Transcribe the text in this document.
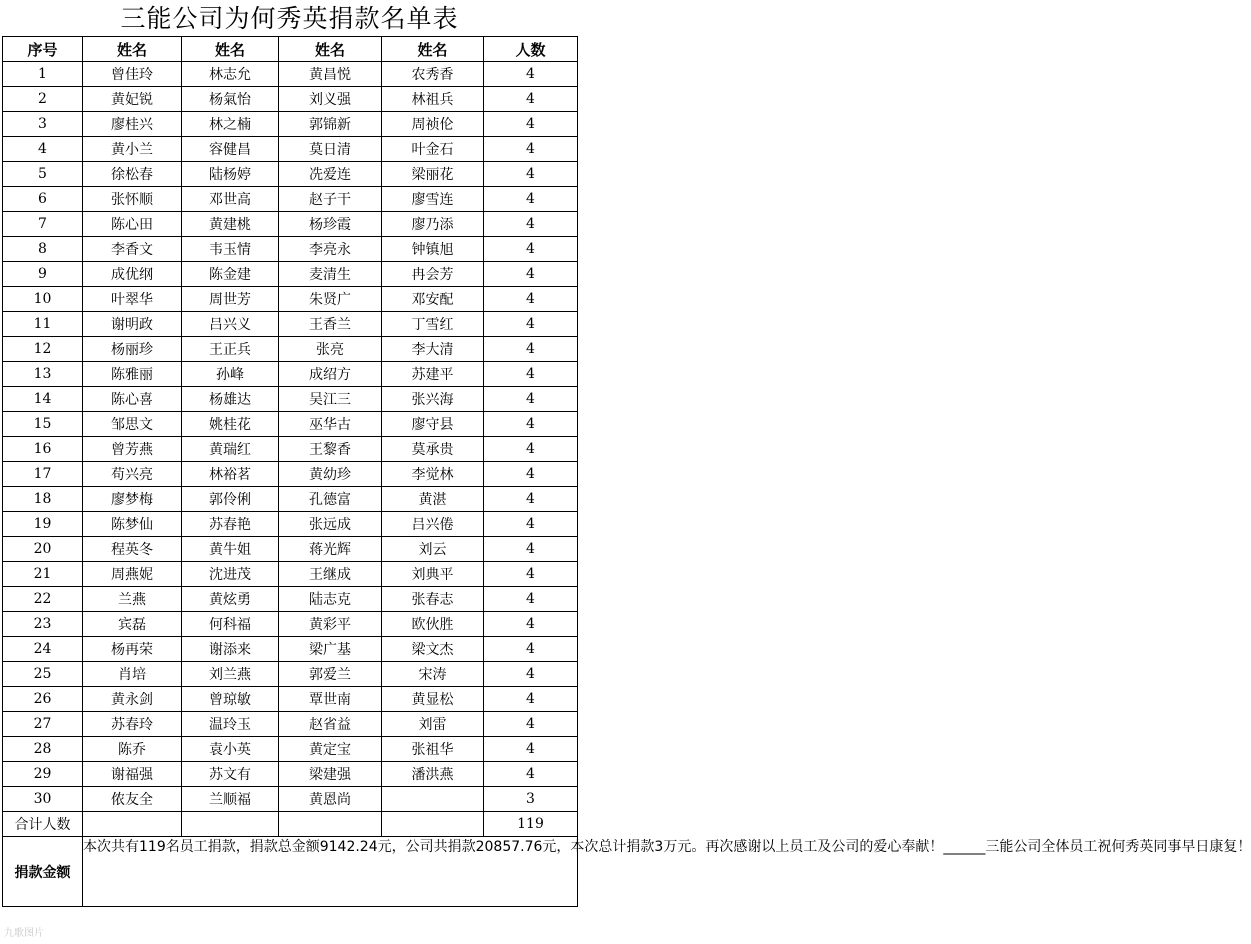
三能公司为何秀英捐款名单表
序号	姓名	姓名	姓名	姓名	人数
1	曾佳玲	林志允	黄昌悦	农秀香	4
2	黄妃锐	杨氣怡	刘义强	林祖兵	4
3	廖桂兴	林之楠	郭锦新	周祯伦	4
4	黄小兰	容健昌	莫日清	叶金石	4
5	徐松春	陆杨婷	冼爱连	梁丽花	4
6	张怀顺	邓世高	赵子干	廖雪连	4
7	陈心田	黄建桃	杨珍霞	廖乃添	4
8	李香文	韦玉情	李亮永	钟镇旭	4
9	成优纲	陈金建	麦清生	冉会芳	4
10	叶翠华	周世芳	朱贤广	邓安配	4
11	谢明政	吕兴义	王香兰	丁雪红	4
12	杨丽珍	王正兵	张亮	李大清	4
13	陈雅丽	孙峰	成绍方	苏建平	4
14	陈心喜	杨雄达	吴江三	张兴海	4
15	邹思文	姚桂花	巫华古	廖守县	4
16	曾芳燕	黄瑞红	王黎香	莫承贵	4
17	苟兴亮	林裕茗	黄幼珍	李觉林	4
18	廖梦梅	郭伶俐	孔德富	黄湛	4
19	陈梦仙	苏春艳	张远成	吕兴倦	4
20	程英冬	黄牛姐	蒋光辉	刘云	4
21	周燕妮	沈进茂	王继成	刘典平	4
22	兰燕	黄炫勇	陆志克	张春志	4
23	宾磊	何科福	黄彩平	欧伙胜	4
24	杨再荣	谢添来	梁广基	梁文杰	4
25	肖培	刘兰燕	郭爱兰	宋涛	4
26	黄永剑	曾琼敏	覃世南	黄显松	4
27	苏春玲	温玲玉	赵省益	刘雷	4
28	陈乔	袁小英	黄定宝	张祖华	4
29	谢福强	苏文有	梁建强	潘洪燕	4
30	侬友全	兰顺福	黄恩尚		3
合计人数					119
捐款金额	本次共有119名员工捐款，捐款总金额9142.24元，公司共捐款20857.76元，本次总计捐款3万元。再次感谢以上员工及公司的爱心奉献！______三能公司全体员工祝何秀英同事早日康复！				
九歌图片
